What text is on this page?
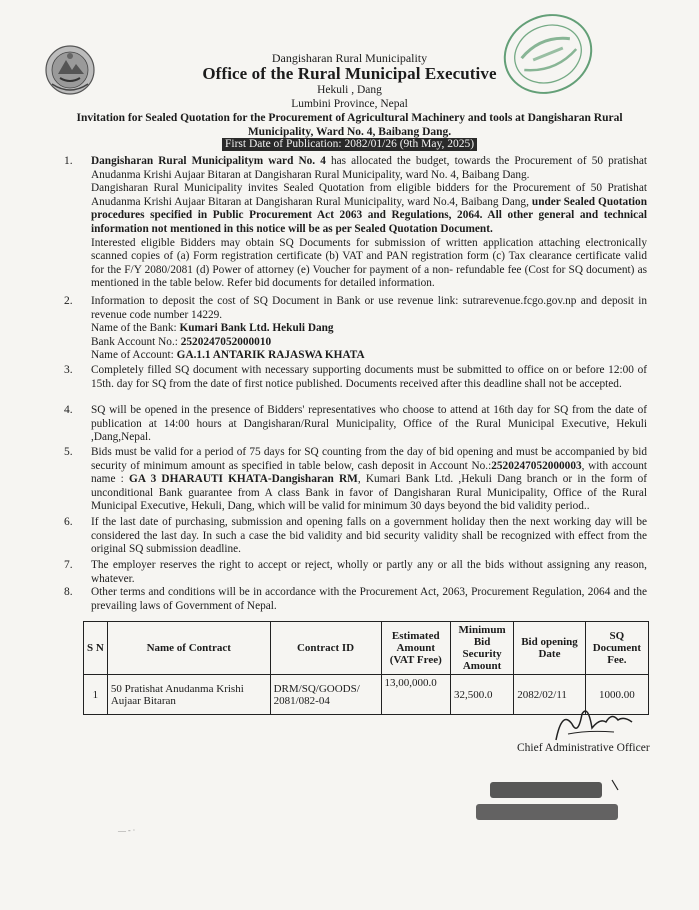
Dangisharan Rural Municipality
Office of the Rural Municipal Executive
Hekuli , Dang
Lumbini Province, Nepal
Invitation for Sealed Quotation for the Procurement of Agricultural Machinery and tools at Dangisharan Rural
Municipality, Ward No. 4, Baibang Dang.
First Date of Publication: 2082/01/26 (9th May, 2025)
1. Dangisharan Rural Municipalitym ward No. 4 has allocated the budget, towards the Procurement of 50 pratishat Anudanma Krishi Aujaar Bitaran at Dangisharan Rural Municipality, ward No. 4, Baibang Dang.

Dangisharan Rural Municipality invites Sealed Quotation from eligible bidders for the Procurement of 50 Pratishat Anudanma Krishi Aujaar Bitaran at Dangisharan Rural Municipality, ward No.4, Baibang Dang, under Sealed Quotation procedures specified in Public Procurement Act 2063 and Regulations, 2064. All other general and technical information not mentioned in this notice will be as per Sealed Quotation Document.

Interested eligible Bidders may obtain SQ Documents for submission of written application attaching electronically scanned copies of (a) Form registration certificate (b) VAT and PAN registration form (c) Tax clearance certificate valid for the F/Y 2080/2081 (d) Power of attorney (e) Voucher for payment of a non- refundable fee (Cost for SQ document) as mentioned in the table below. Refer bid documents for detailed information.

2. Information to deposit the cost of SQ Document in Bank or use revenue link: sutrarevenue.fcgo.gov.np and deposit in revenue code number 14229.

Name of the Bank: Kumari Bank Ltd. Hekuli Dang

Bank Account No.: 2520247052000010

Name of Account: GA.1.1 ANTARIK RAJASWA KHATA

3. Completely filled SQ document with necessary supporting documents must be submitted to office on or before 12:00 of 15th. day for SQ from the date of first notice published. Documents received after this deadline shall not be accepted.
4. SQ will be opened in the presence of Bidders' representatives who choose to attend at 16th day for SQ from the date of publication at 14:00 hours at Dangisharan/Rural Municipality, Office of the Rural Municipal Executive, Hekuli ,Dang,Nepal.
5. Bids must be valid for a period of 75 days for SQ counting from the day of bid opening and must be accompanied by bid security of minimum amount as specified in table below, cash deposit in Account No.:2520247052000003, with account name : GA 3 DHARAUTI KHATA-Dangisharan RM, Kumari Bank Ltd. ,Hekuli Dang branch or in the form of unconditional Bank guarantee from A class Bank in favor of Dangisharan Rural Municipality, Office of the Rural Municipal Executive, Hekuli, Dang, which will be valid for minimum 30 days beyond the bid validity period..
6. If the last date of purchasing, submission and opening falls on a government holiday then the next working day will be considered the last day. In such a case the bid validity and bid security validity shall be recognized with effect from the original SQ submission deadline.
7. The employer reserves the right to accept or reject, wholly or partly any or all the bids without assigning any reason, whatever.
8. Other terms and conditions will be in accordance with the Procurement Act, 2063, Procurement Regulation, 2064 and the prevailing laws of Government of Nepal.
S N	Name of Contract	Contract ID	Estimated Amount (VAT Free)	Minimum Bid Security Amount	Bid opening Date	SQ Document Fee.
1	50 Pratishat Anudanma Krishi Aujaar Bitaran	DRM/SQ/GOODS/ 2081/082-04	13,00,000.0	32,500.0	2082/02/11	1000.00
Chief Administrative Officer
— - ·
